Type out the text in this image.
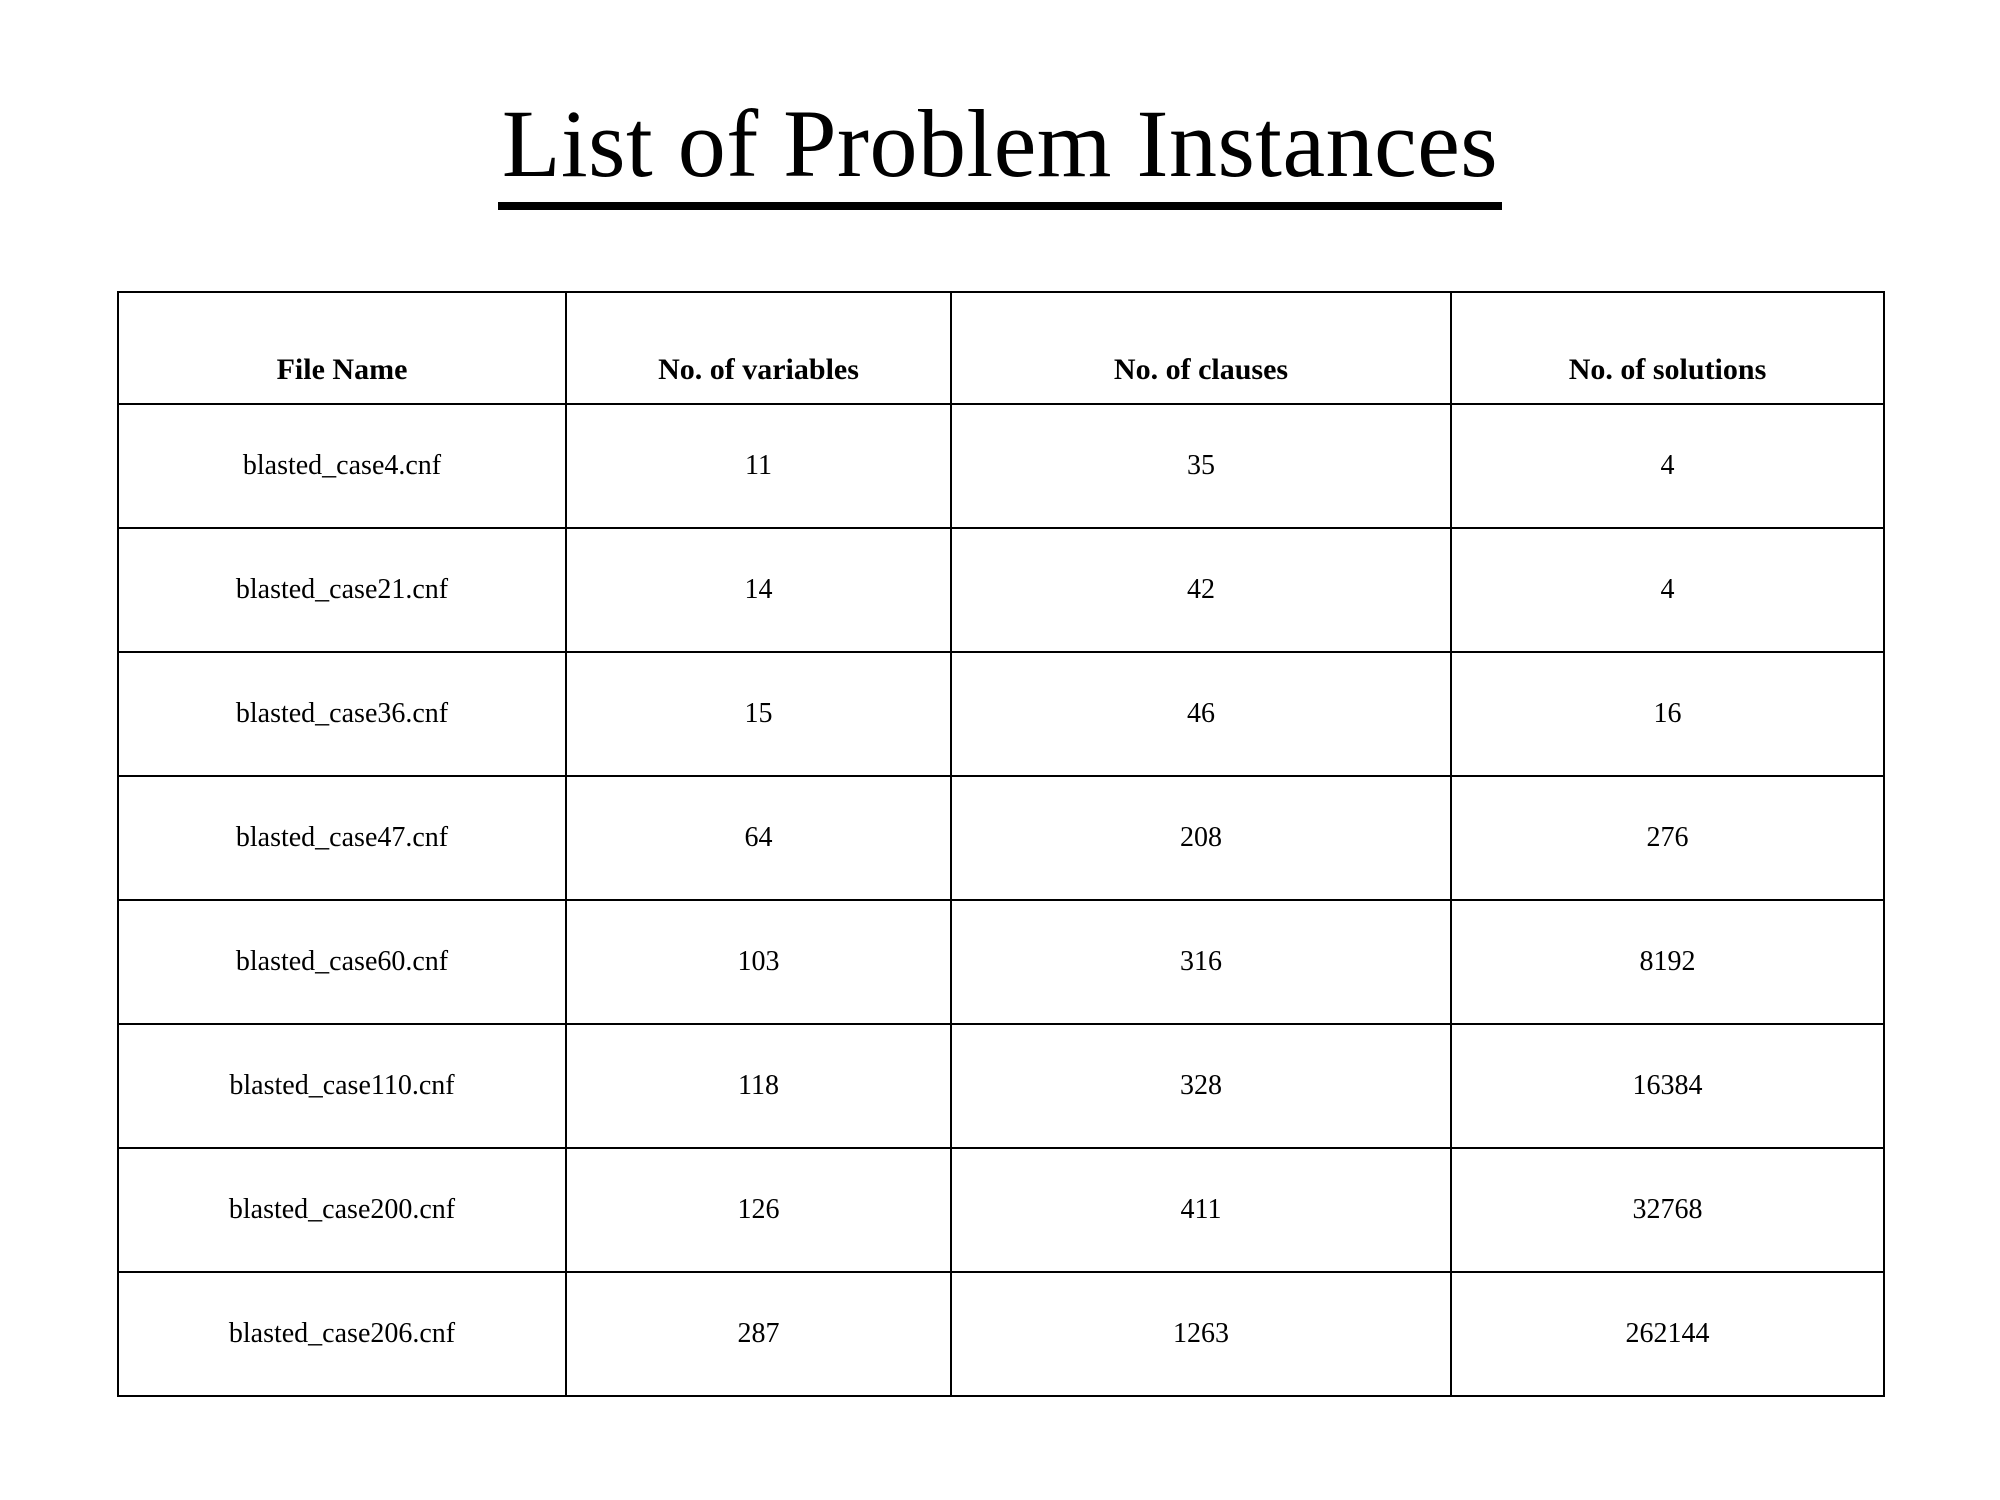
List of Problem Instances
File Name	No. of variables	No. of clauses	No. of solutions
blasted_case4.cnf	11	35	4
blasted_case21.cnf	14	42	4
blasted_case36.cnf	15	46	16
blasted_case47.cnf	64	208	276
blasted_case60.cnf	103	316	8192
blasted_case110.cnf	118	328	16384
blasted_case200.cnf	126	411	32768
blasted_case206.cnf	287	1263	262144
